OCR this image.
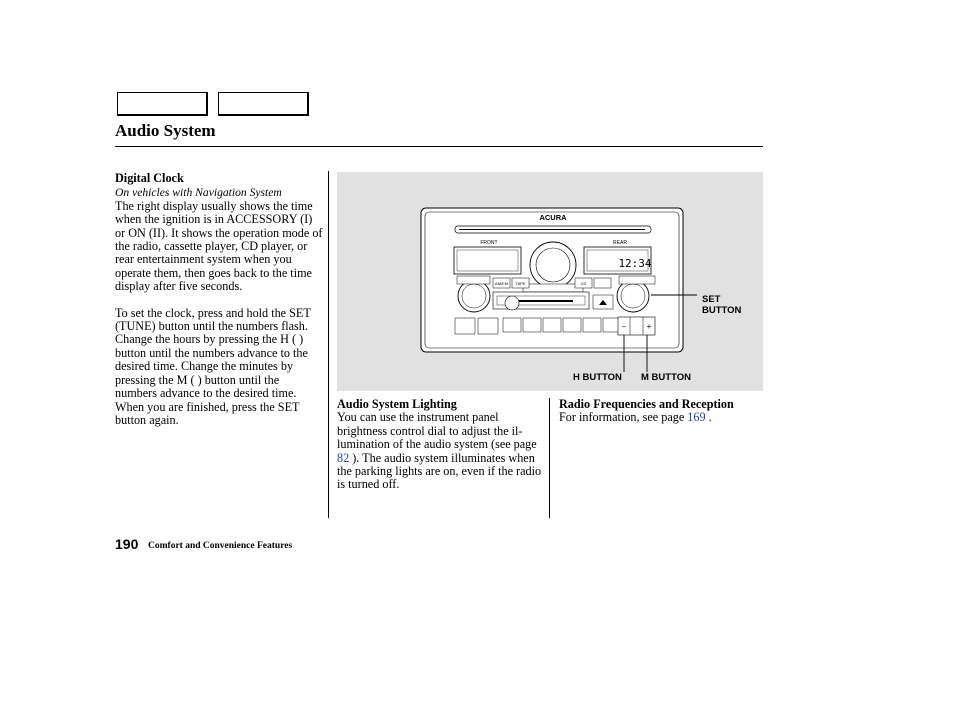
Audio System
Digital Clock
On vehicles with Navigation System

The right display usually shows the time when the ignition is in ACCESSORY (I) or ON (II). It shows the operation mode of the radio, cassette player, CD player, or rear entertainment system when you operate them, then goes back to the time display after five seconds.

To set the clock, press and hold the SET (TUNE) button until the numbers flash. Change the hours by pressing the H ( ) button until the numbers advance to the desired time. Change the minutes by pressing the M ( ) button until the numbers advance to the desired time. When you are finished, press the SET button again.

ACURA
FRONT	REAR
12:34
AM/FM TAPE	CD
–	+
SET
BUTTON
H BUTTON M BUTTON
Audio System Lighting

You can use the instrument panel brightness control dial to adjust the il-lumination of the audio system (see page 82 ). The audio system illuminates when the parking lights are on, even if the radio is turned off.

Radio Frequencies and Reception

For information, see page 169 .

190 Comfort and Convenience Features
